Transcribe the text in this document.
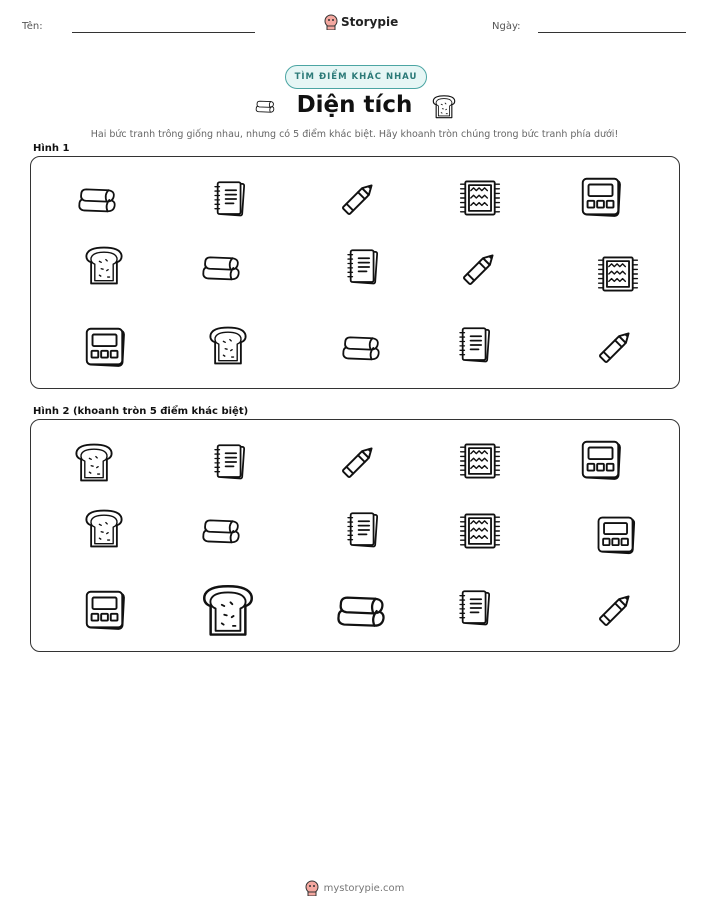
Tên:	Storypie	Ngày:
TÌM ĐIỂM KHÁC NHAU
Diện tích
Hai bức tranh trông giống nhau, nhưng có 5 điểm khác biệt. Hãy khoanh tròn chúng trong bức tranh phía dưới!
Hình 1
Hình 2 (khoanh tròn 5 điểm khác biệt)
mystorypie.com
